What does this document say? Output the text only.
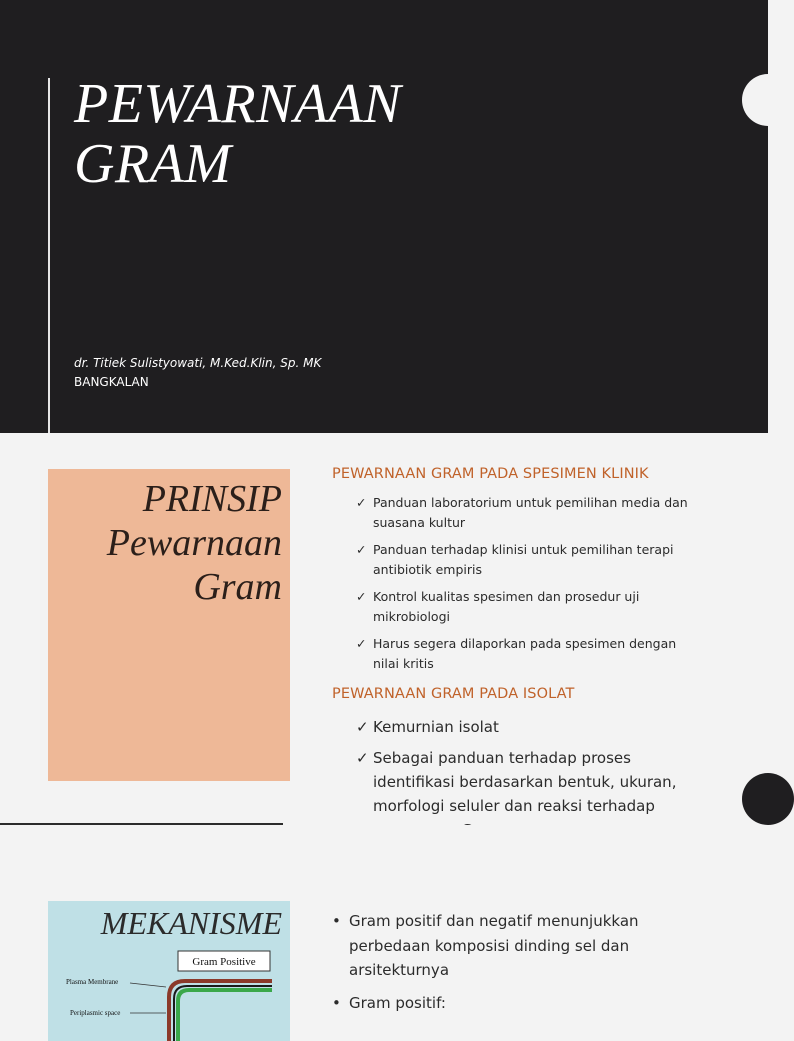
PEWARNAAN
GRAM
dr. Titiek Sulistyowati, M.Ked.Klin, Sp. MK
BANGKALAN
PRINSIP
Pewarnaan
Gram
PEWARNAAN GRAM PADA SPESIMEN KLINIK
✓ Panduan laboratorium untuk pemilihan media dan suasana kultur
✓ Panduan terhadap klinisi untuk pemilihan terapi antibiotik empiris
✓ Kontrol kualitas spesimen dan prosedur uji mikrobiologi
✓ Harus segera dilaporkan pada spesimen dengan nilai kritis
PEWARNAAN GRAM PADA ISOLAT
✓ Kemurnian isolat
✓ Sebagai panduan terhadap proses identifikasi berdasarkan bentuk, ukuran, morfologi seluler dan reaksi terhadap
Gram Positive
Plasma Membrane
Periplasmic space
MEKANISME	• Gram positif dan negatif menunjukkan perbedaan komposisi dinding sel dan arsitekturnya
• Gram positif:
